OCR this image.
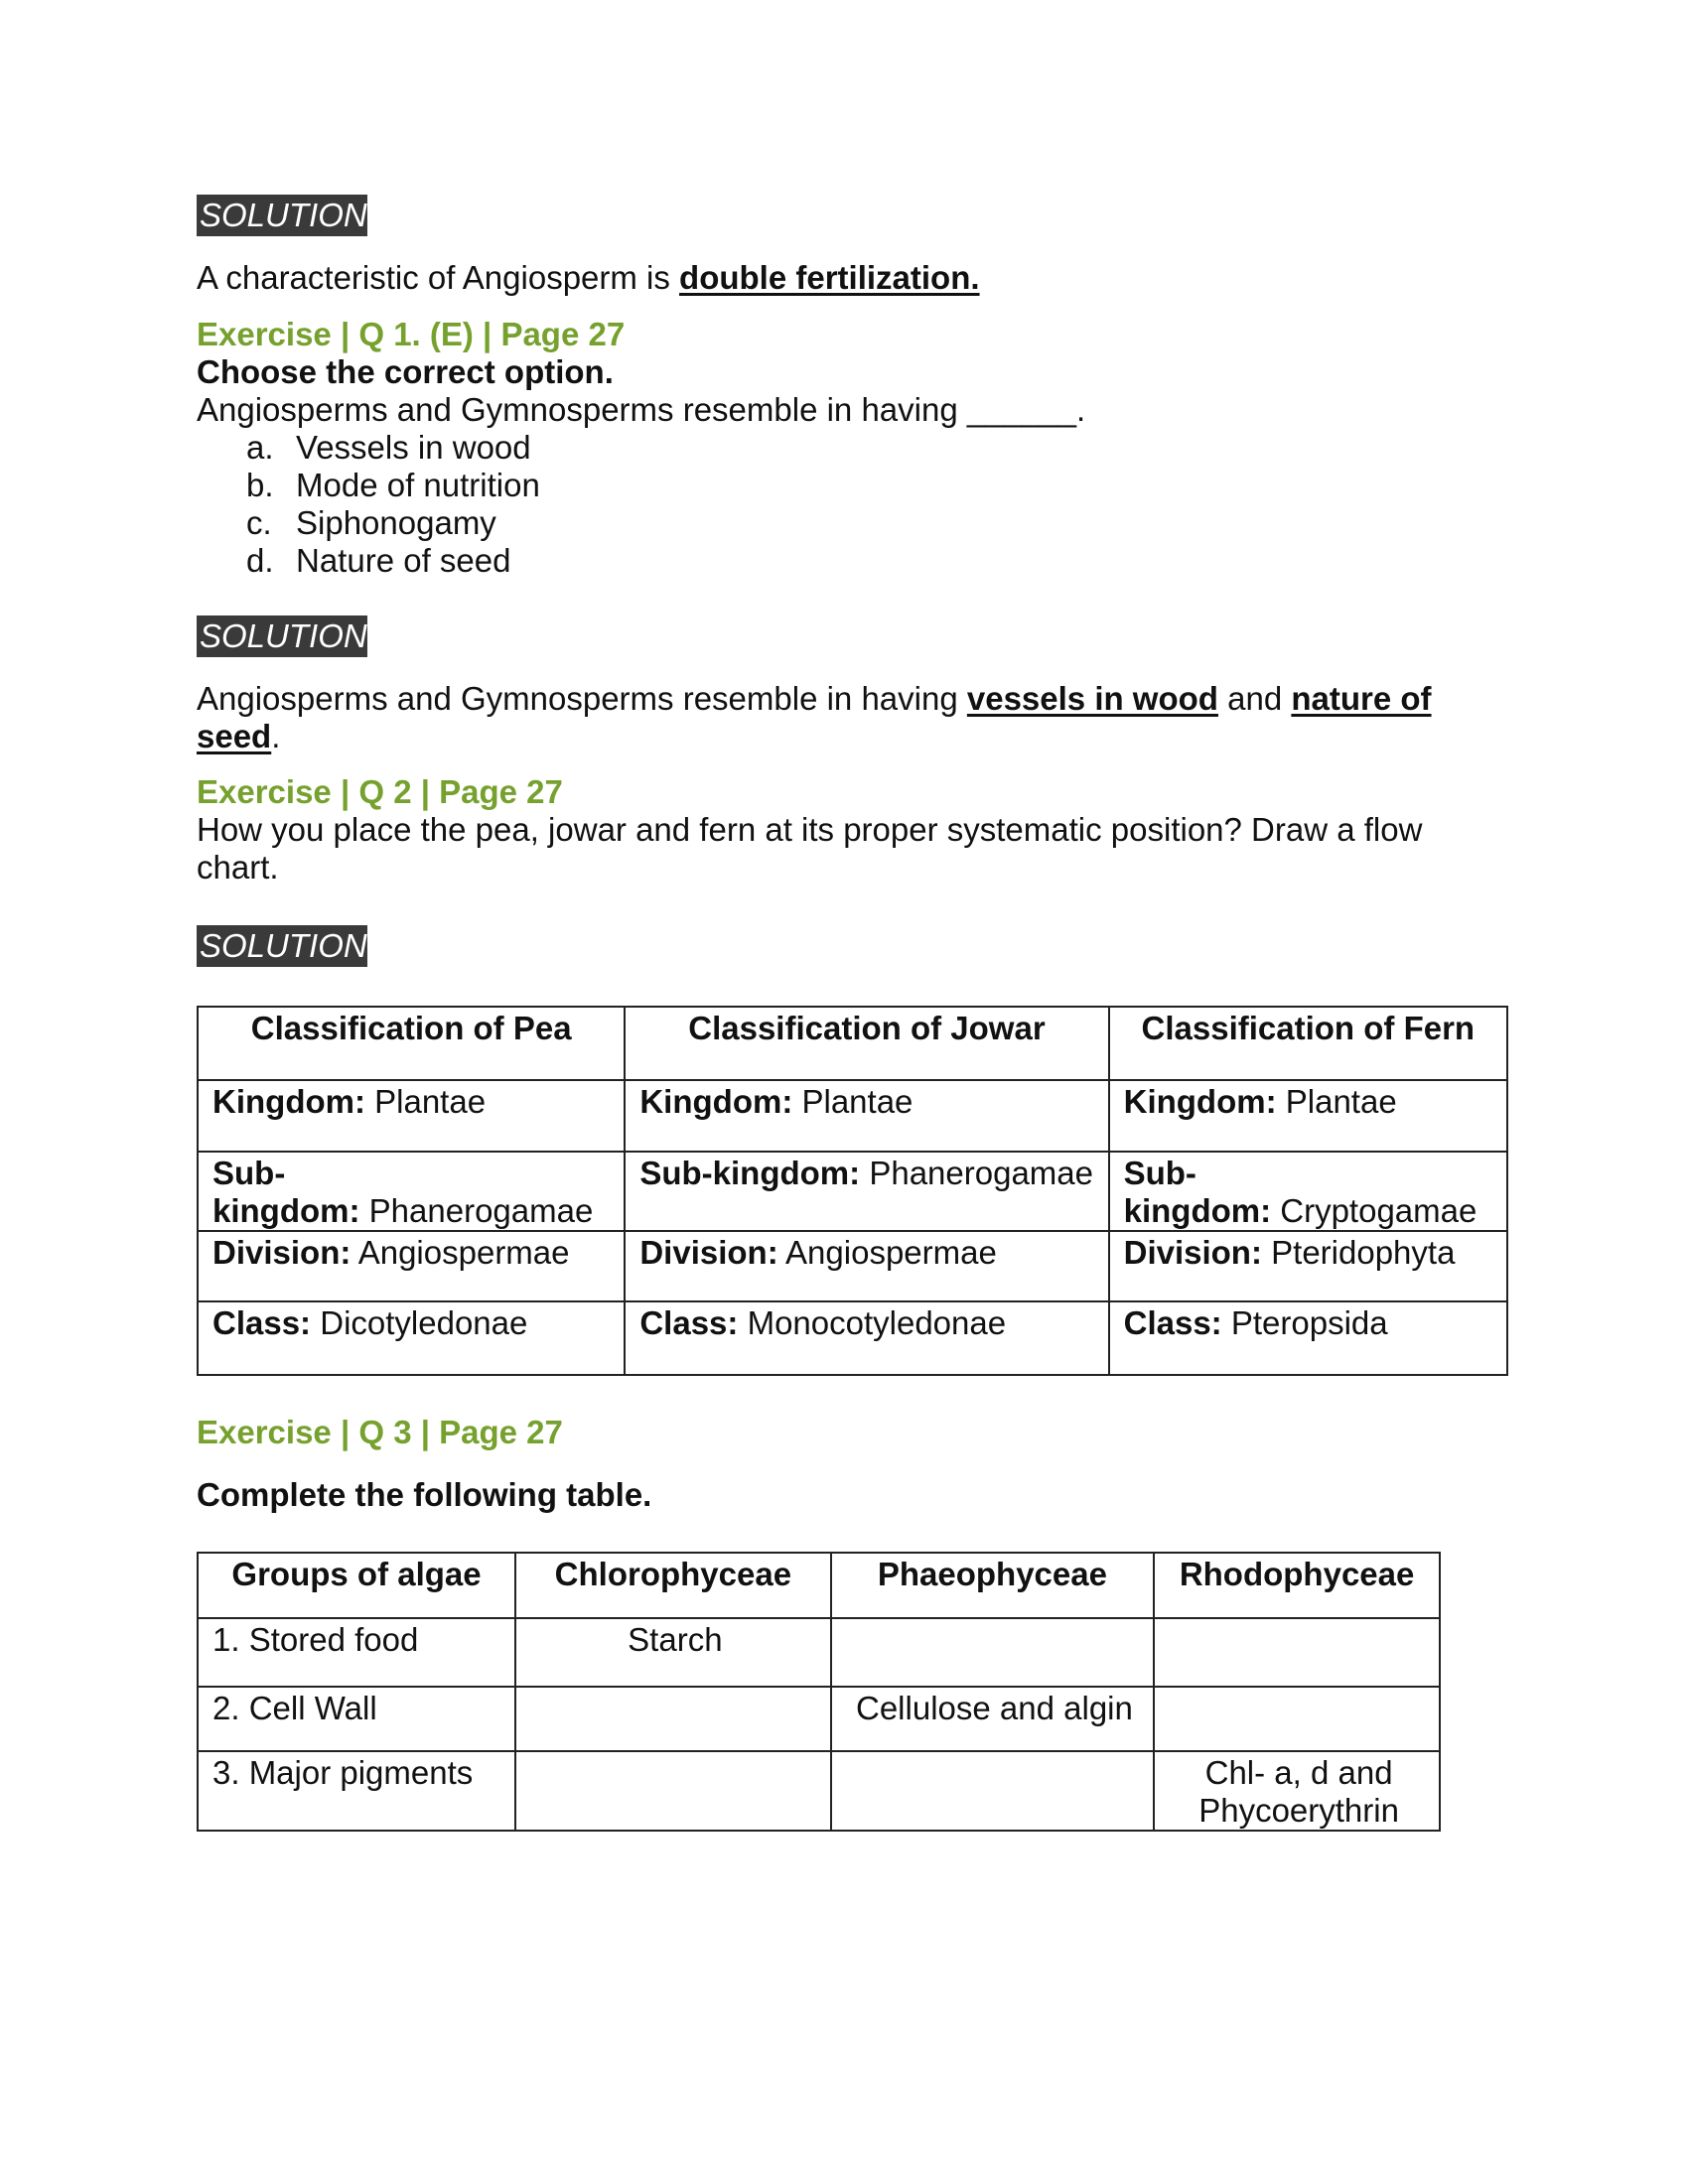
SOLUTION
A characteristic of Angiosperm is double fertilization.
Exercise | Q 1. (E) | Page 27
Choose the correct option.
Angiosperms and Gymnosperms resemble in having ______.
a. Vessels in wood
b. Mode of nutrition
c. Siphonogamy
d. Nature of seed
SOLUTION
Angiosperms and Gymnosperms resemble in having vessels in wood and nature of
seed.
Exercise | Q 2 | Page 27
How you place the pea, jowar and fern at its proper systematic position? Draw a flow
chart.
SOLUTION
Classification of Pea	Classification of Jowar	Classification of Fern
Kingdom: Plantae	Kingdom: Plantae	Kingdom: Plantae
Sub-
kingdom: Phanerogamae	Sub-kingdom: Phanerogamae	Sub-
kingdom: Cryptogamae
Division: Angiospermae	Division: Angiospermae	Division: Pteridophyta
Class: Dicotyledonae	Class: Monocotyledonae	Class: Pteropsida
Exercise | Q 3 | Page 27
Complete the following table.
Groups of algae	Chlorophyceae	Phaeophyceae	Rhodophyceae
1. Stored food	Starch		
2. Cell Wall		Cellulose and algin	
3. Major pigments			Chl- a, d and
Phycoerythrin
